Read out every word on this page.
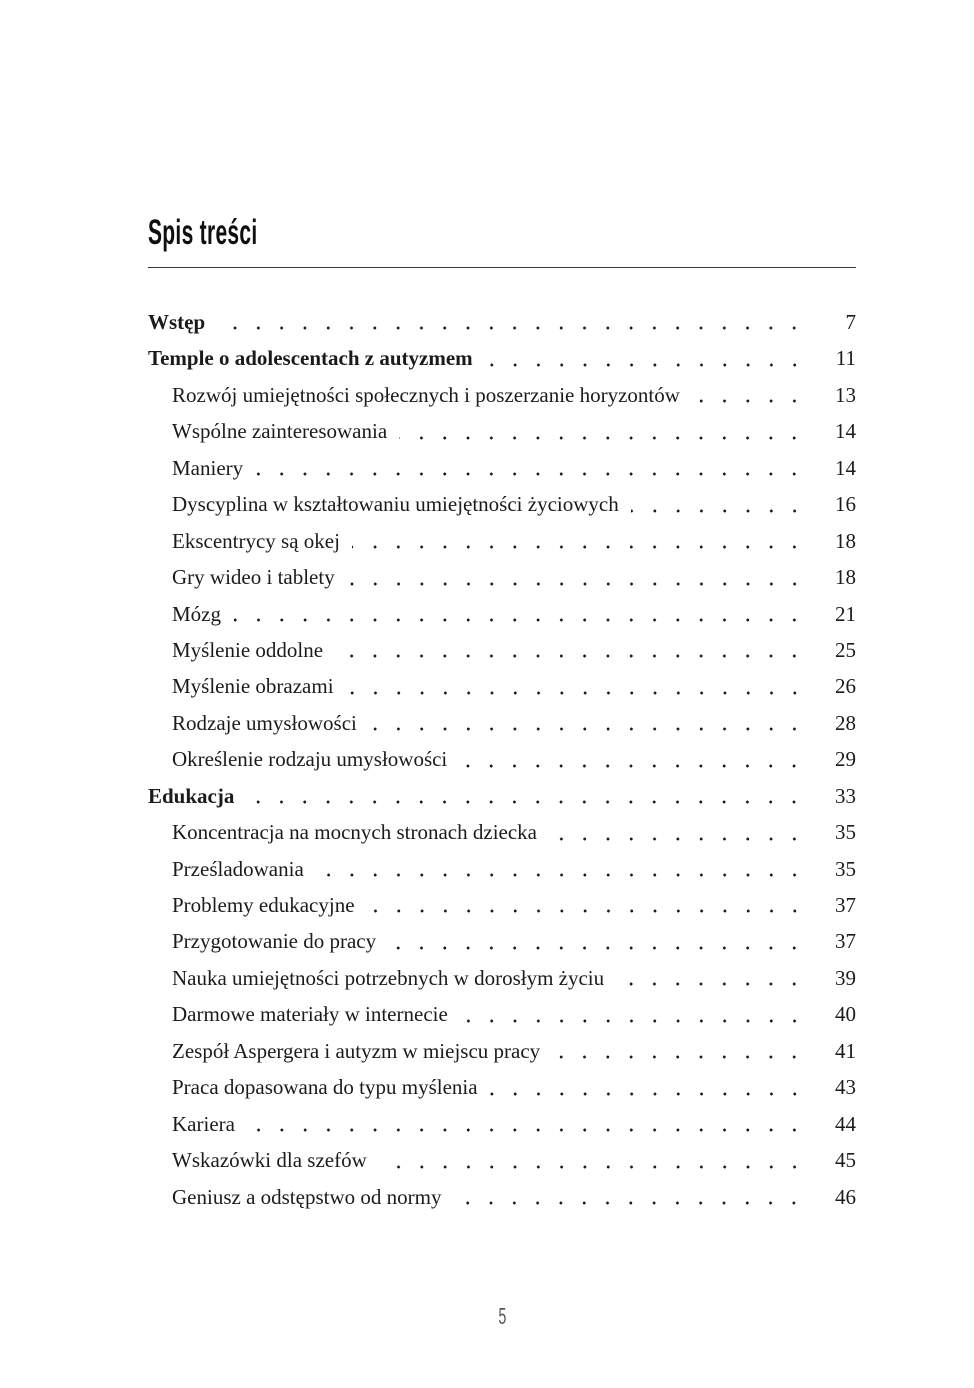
Spis treści
Wstęp	7
Temple o adolescentach z autyzmem	11
Rozwój umiejętności społecznych i poszerzanie horyzontów	13
Wspólne zainteresowania	14
Maniery	14
Dyscyplina w kształtowaniu umiejętności życiowych	16
Ekscentrycy są okej	18
Gry wideo i tablety	18
Mózg	21
Myślenie oddolne	25
Myślenie obrazami	26
Rodzaje umysłowości	28
Określenie rodzaju umysłowości	29
Edukacja	33
Koncentracja na mocnych stronach dziecka	35
Prześladowania	35
Problemy edukacyjne	37
Przygotowanie do pracy	37
Nauka umiejętności potrzebnych w dorosłym życiu	39
Darmowe materiały w internecie	40
Zespół Aspergera i autyzm w miejscu pracy	41
Praca dopasowana do typu myślenia	43
Kariera	44
Wskazówki dla szefów	45
Geniusz a odstępstwo od normy	46
5
